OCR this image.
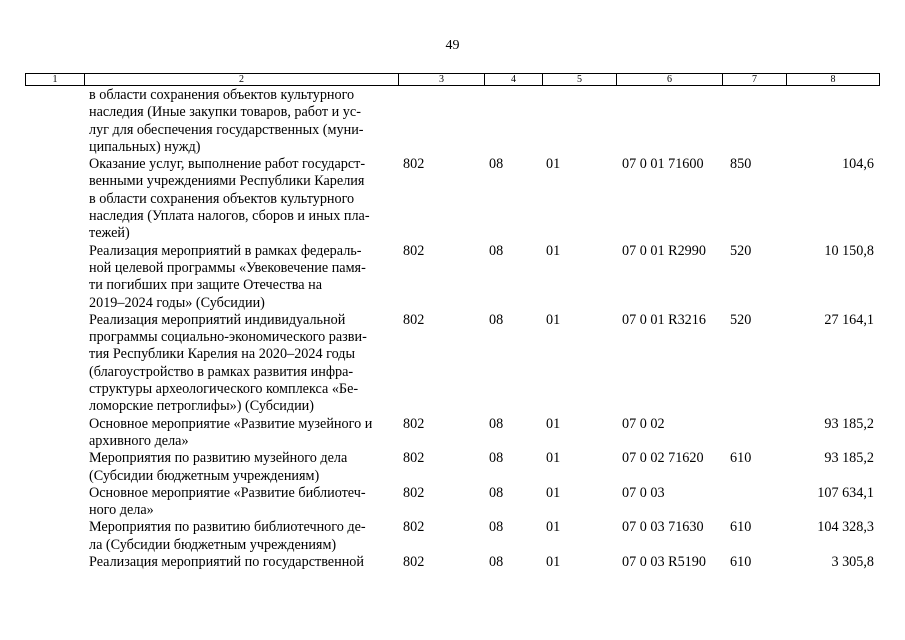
49
1	2	3	4	5	6	7	8
в области сохранения объектов культурного
наследия (Иные закупки товаров, работ и ус-
луг для обеспечения государственных (муни-
ципальных) нужд)
Оказание услуг, выполнение работ государст-
венными учреждениями Республики Карелия
в области сохранения объектов культурного
наследия (Уплата налогов, сборов и иных пла-
тежей)
802	08	01	07 0 01 71600 850	104,6
Реализация мероприятий в рамках федераль-
ной целевой программы «Увековечение памя-
ти погибших при защите Отечества на
2019–2024 годы» (Субсидии)
802	08	01	07 0 01 R2990 520	10 150,8
Реализация мероприятий индивидуальной
программы социально-экономического разви-
тия Республики Карелия на 2020–2024 годы
(благоустройство в рамках развития инфра-
структуры археологического комплекса «Бе-
ломорские петроглифы») (Субсидии)
802	08	01	07 0 01 R3216 520	27 164,1
Основное мероприятие «Развитие музейного и
архивного дела»
802	08	01	07 0 02	93 185,2
Мероприятия по развитию музейного дела
(Субсидии бюджетным учреждениям)
802	08	01	07 0 02 71620 610	93 185,2
Основное мероприятие «Развитие библиотеч-
ного дела»
802	08	01	07 0 03	107 634,1
Мероприятия по развитию библиотечного де-
ла (Субсидии бюджетным учреждениям)
802	08	01	07 0 03 71630 610	104 328,3
Реализация мероприятий по государственной	802	08	01	07 0 03 R5190 610	3 305,8
